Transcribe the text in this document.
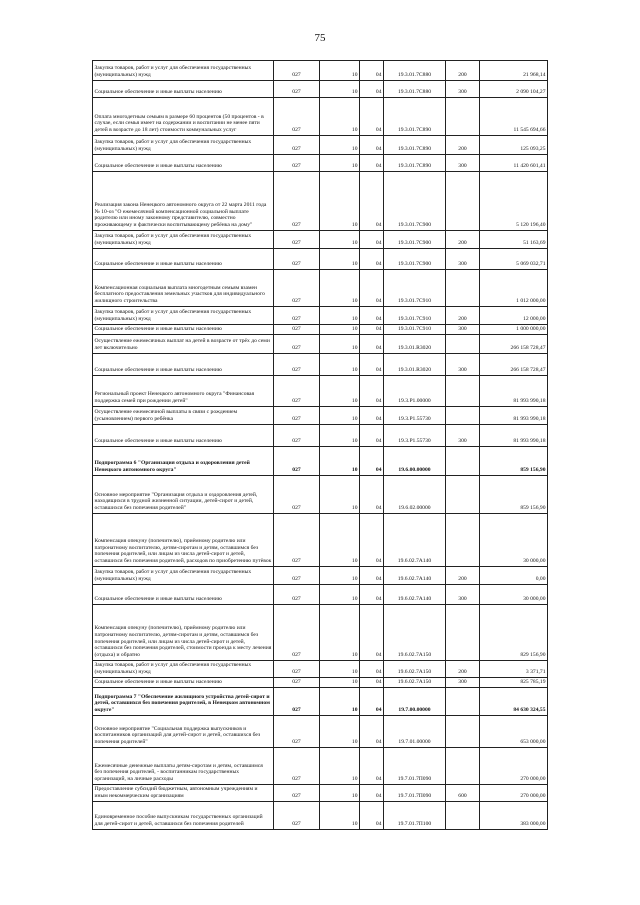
75
Закупка товаров, работ и услуг для обеспечения государственных (муниципальных) нужд	027	10	04	19.3.01.7С880	200	21 968,14
Социальное обеспечение и иные выплаты населению	027	10	04	19.3.01.7С880	300	2 090 104,27
Оплата многодетным семьям в размере 60 процентов (50 процентов - в случае, если семья имеет на содержании и воспитании не менее пяти детей в возрасте до 18 лет) стоимости коммунальных услуг	027	10	04	19.3.01.7С890		11 545 694,66
Закупка товаров, работ и услуг для обеспечения государственных (муниципальных) нужд	027	10	04	19.3.01.7С890	200	125 093,25
Социальное обеспечение и иные выплаты населению	027	10	04	19.3.01.7С890	300	11 420 601,41
Реализация закона Ненецкого автономного округа от 22 марта 2011 года № 10-оз "О ежемесячной компенсационной социальной выплате родителю или иному законному представителю, совместно проживающему и фактически воспитывающему ребёнка на дому"	027	10	04	19.3.01.7С900		5 120 196,40
Закупка товаров, работ и услуг для обеспечения государственных (муниципальных) нужд	027	10	04	19.3.01.7С900	200	51 163,69
Социальное обеспечение и иные выплаты населению	027	10	04	19.3.01.7С900	300	5 069 032,71
Компенсационная социальная выплата многодетным семьям взамен бесплатного предоставления земельных участков для индивидуального жилищного строительства	027	10	04	19.3.01.7С910		1 012 000,00
Закупка товаров, работ и услуг для обеспечения государственных (муниципальных) нужд	027	10	04	19.3.01.7С910	200	12 000,00
Социальное обеспечение и иные выплаты населению	027	10	04	19.3.01.7С910	300	1 000 000,00
Осуществление ежемесячных выплат на детей в возрасте от трёх до семи лет включительно	027	10	04	19.3.01.R3020		266 158 728,47
Социальное обеспечение и иные выплаты населению	027	10	04	19.3.01.R3020	300	266 158 728,47
Региональный проект Ненецкого автономного округа "Финансовая поддержка семей при рождении детей"	027	10	04	19.3.P1.00000		81 993 990,18
Осуществление ежемесячной выплаты в связи с рождением (усыновлением) первого ребёнка	027	10	04	19.3.P1.55730		81 993 990,18
Социальное обеспечение и иные выплаты населению	027	10	04	19.3.P1.55730	300	81 993 990,18
Подпрограмма 6 "Организация отдыха и оздоровления детей Ненецкого автономного округа"	027	10	04	19.6.00.00000		859 156,90
Основное мероприятие "Организация отдыха и оздоровления детей, находящихся в трудной жизненной ситуации, детей-сирот и детей, оставшихся без попечения родителей"	027	10	04	19.6.02.00000		859 156,90
Компенсация опекуну (попечителю), приёмному родителю или патронатному воспитателю, детям-сиротам и детям, оставшимся без попечения родителей, или лицам из числа детей-сирот и детей, оставшихся без попечения родителей, расходов по приобретению путёвок	027	10	04	19.6.02.7А140		30 000,00
Закупка товаров, работ и услуг для обеспечения государственных (муниципальных) нужд	027	10	04	19.6.02.7А140	200	0,00
Социальное обеспечение и иные выплаты населению	027	10	04	19.6.02.7А140	300	30 000,00
Компенсация опекуну (попечителю), приёмному родителю или патронатному воспитателю, детям-сиротам и детям, оставшимся без попечения родителей, или лицам из числа детей-сирот и детей, оставшихся без попечения родителей, стоимости проезда к месту лечения (отдыха) и обратно	027	10	04	19.6.02.7А150		829 156,90
Закупка товаров, работ и услуг для обеспечения государственных (муниципальных) нужд	027	10	04	19.6.02.7А150	200	3 371,71
Социальное обеспечение и иные выплаты населению	027	10	04	19.6.02.7А150	300	825 785,19
Подпрограмма 7 "Обеспечение жилищного устройства детей-сирот и детей, оставшихся без попечения родителей, в Ненецком автономном округе"	027	10	04	19.7.00.00000		84 630 324,55
Основное мероприятие "Социальная поддержка выпускников и воспитанников организаций для детей-сирот и детей, оставшихся без попечения родителей"	027	10	04	19.7.01.00000		653 000,00
Ежемесячные денежные выплаты детям-сиротам и детям, оставшимся без попечения родителей, - воспитанникам государственных организаций, на личные расходы	027	10	04	19.7.01.7П090		270 000,00
Предоставление субсидий бюджетным, автономным учреждениям и иным некоммерческим организациям	027	10	04	19.7.01.7П090	600	270 000,00
Единовременное пособие выпускникам государственных организаций для детей-сирот и детей, оставшихся без попечения родителей	027	10	04	19.7.01.7П100		383 000,00
